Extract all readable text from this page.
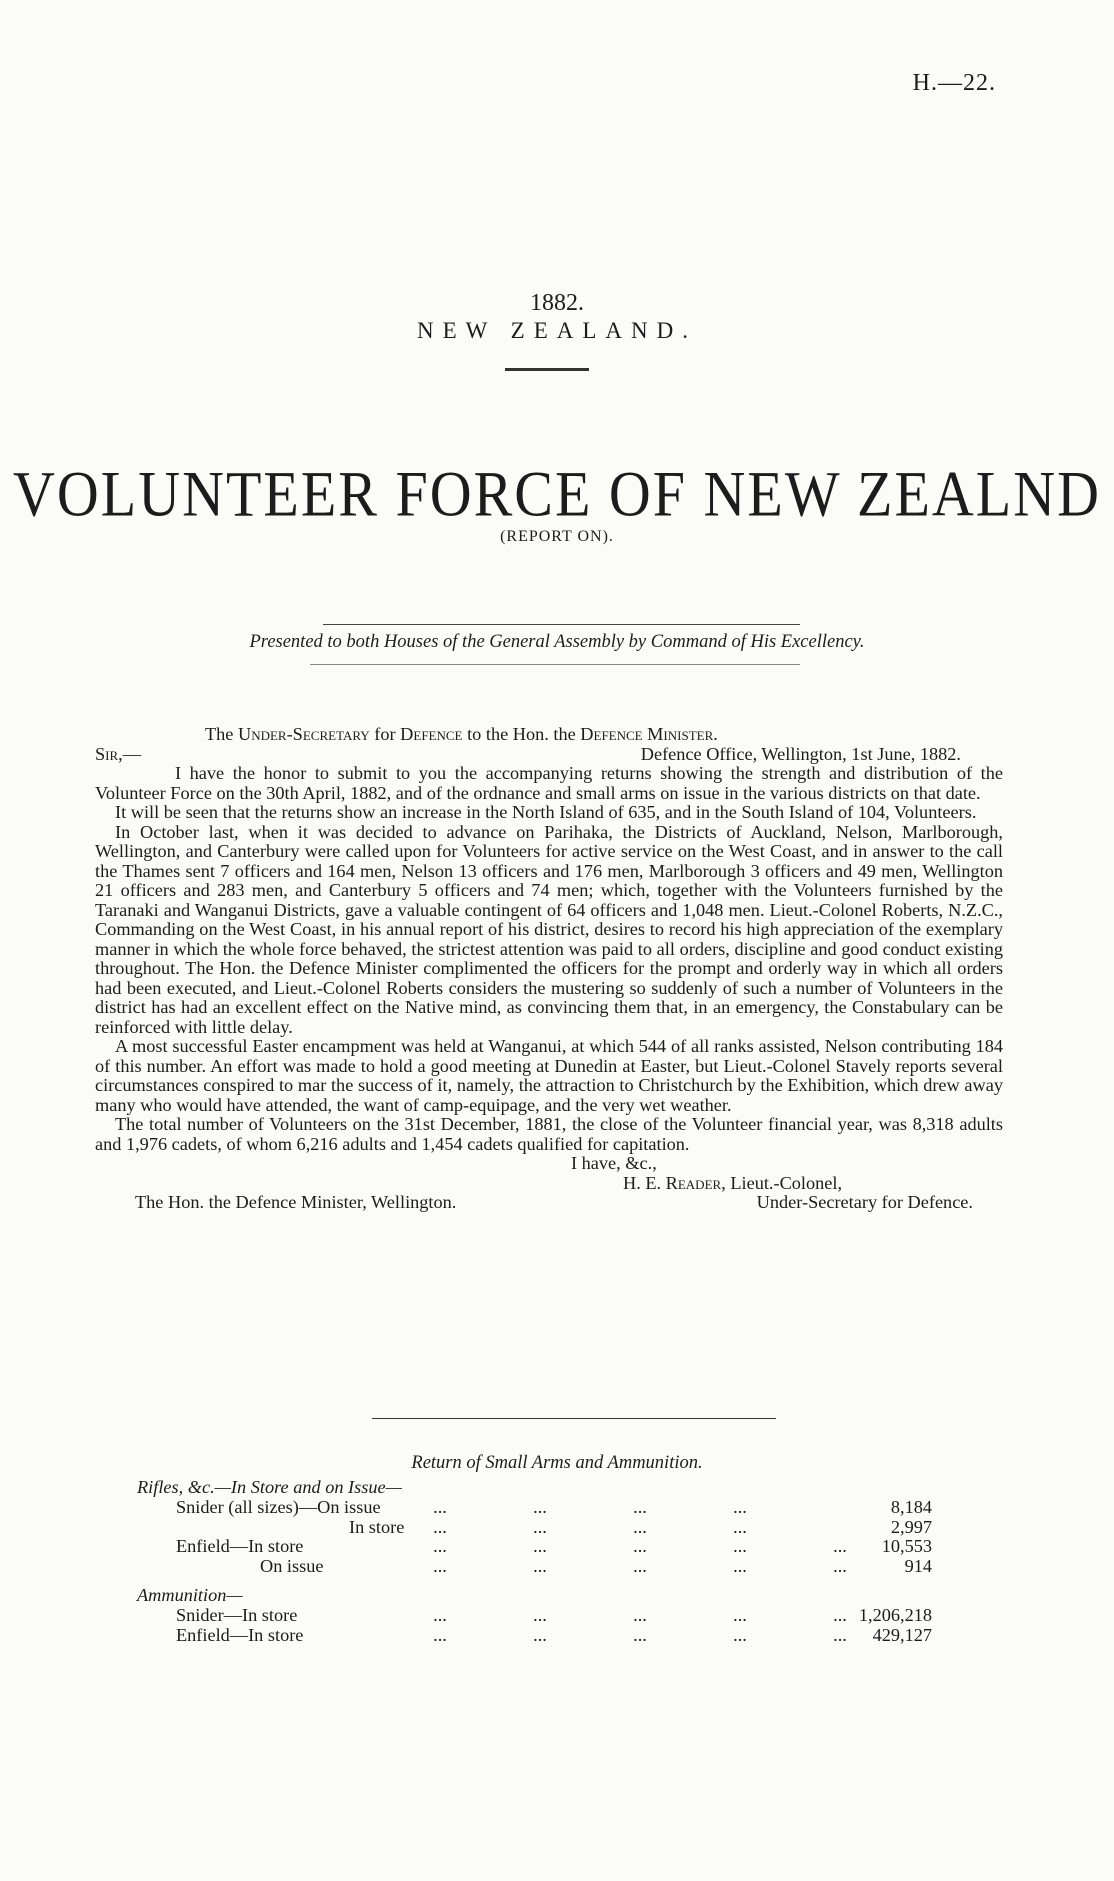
H.—22.
1882.
NEW ZEALAND.
VOLUNTEER FORCE OF NEW ZEALND
(REPORT ON).
Presented to both Houses of the General Assembly by Command of His Excellency.

The Under-Secretary for Defence to the Hon. the Defence Minister.

Sir,—	Defence Office, Wellington, 1st June, 1882.

I have the honor to submit to you the accompanying returns showing the strength and distribution of the Volunteer Force on the 30th April, 1882, and of the ordnance and small arms on issue in the various districts on that date.

It will be seen that the returns show an increase in the North Island of 635, and in the South Island of 104, Volunteers.

In October last, when it was decided to advance on Parihaka, the Districts of Auckland, Nelson, Marlborough, Wellington, and Canterbury were called upon for Volunteers for active service on the West Coast, and in answer to the call the Thames sent 7 officers and 164 men, Nelson 13 officers and 176 men, Marlborough 3 officers and 49 men, Wellington 21 officers and 283 men, and Canterbury 5 officers and 74 men; which, together with the Volunteers furnished by the Taranaki and Wanganui Districts, gave a valuable contingent of 64 officers and 1,048 men. Lieut.-Colonel Roberts, N.Z.C., Commanding on the West Coast, in his annual report of his district, desires to record his high appreciation of the exemplary manner in which the whole force behaved, the strictest attention was paid to all orders, discipline and good conduct existing throughout. The Hon. the Defence Minister complimented the officers for the prompt and orderly way in which all orders had been executed, and Lieut.-Colonel Roberts considers the mustering so suddenly of such a number of Volunteers in the district has had an excellent effect on the Native mind, as convincing them that, in an emergency, the Constabulary can be reinforced with little delay.

A most successful Easter encampment was held at Wanganui, at which 544 of all ranks assisted, Nelson contributing 184 of this number. An effort was made to hold a good meeting at Dunedin at Easter, but Lieut.-Colonel Stavely reports several circumstances conspired to mar the success of it, namely, the attraction to Christchurch by the Exhibition, which drew away many who would have attended, the want of camp-equipage, and the very wet weather.

The total number of Volunteers on the 31st December, 1881, the close of the Volunteer financial year, was 8,318 adults and 1,976 cadets, of whom 6,216 adults and 1,454 cadets qualified for capitation.

I have, &c.,

H. E. Reader, Lieut.-Colonel,

The Hon. the Defence Minister, Wellington.	Under-Secretary for Defence.
Return of Small Arms and Ammunition.
Rifles, &c.—In Store and on Issue—
Snider (all sizes)—On issue	...	...	...	...	8,184
In store	...	...	...	...	2,997
Enfield—In store	...	...	...	...	...	10,553
On issue	...	...	...	...	...	914
Ammunition—
Snider—In store	...	...	...	...	... 1,206,218
Enfield—In store	...	...	...	...	...	429,127
